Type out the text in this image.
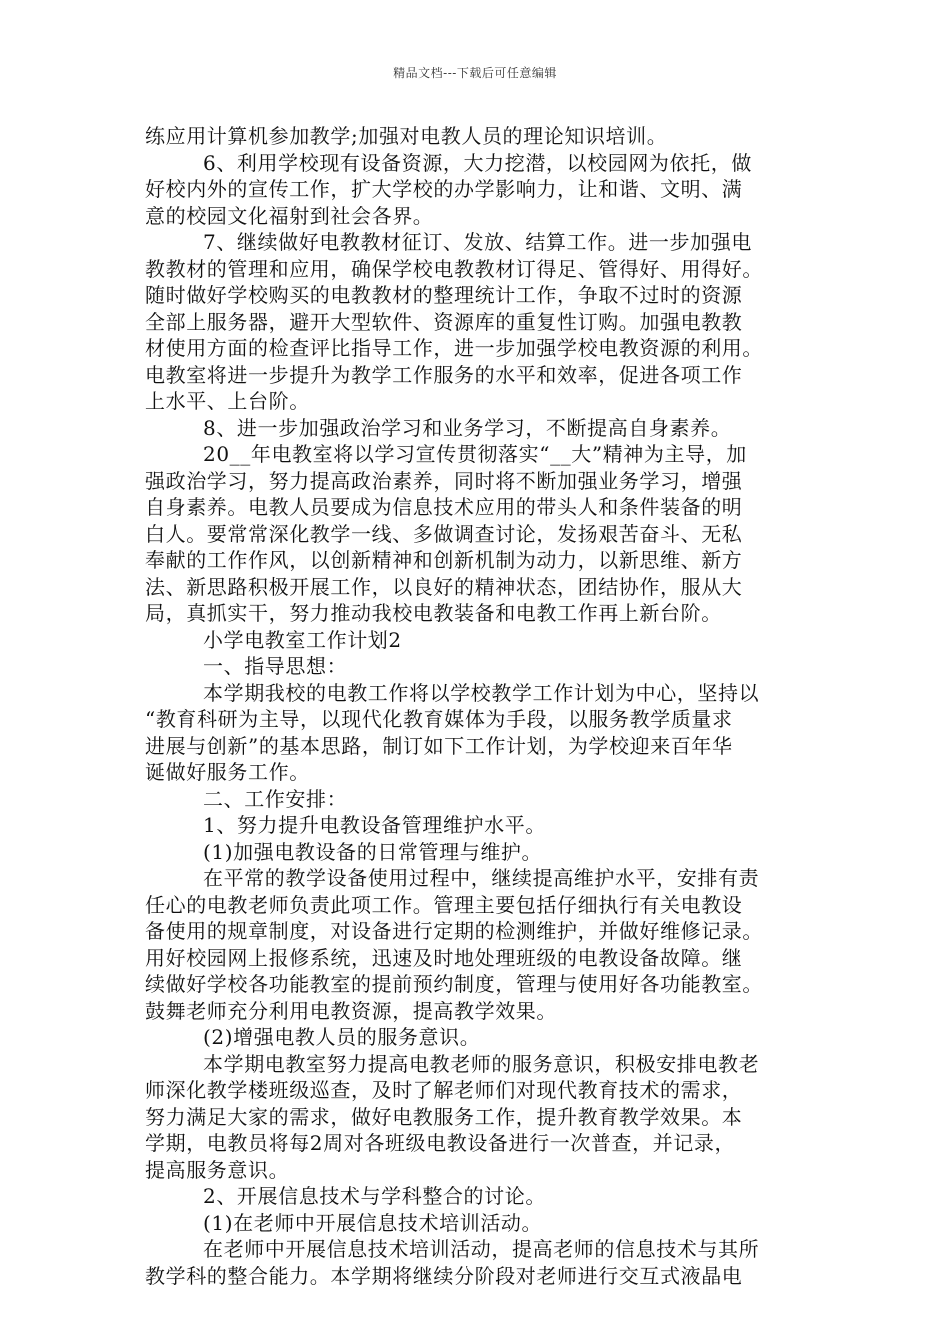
精品文档---下载后可任意编辑
练应用计算机参加教学;加强对电教人员的理论知识培训。
6、利用学校现有设备资源，大力挖潜，以校园网为依托，做
好校内外的宣传工作，扩大学校的办学影响力，让和谐、文明、满
意的校园文化福射到社会各界。
7、继续做好电教教材征订、发放、结算工作。进一步加强电
教教材的管理和应用，确保学校电教教材订得足、管得好、用得好。
随时做好学校购买的电教教材的整理统计工作，争取不过时的资源
全部上服务器，避开大型软件、资源库的重复性订购。加强电教教
材使用方面的检查评比指导工作，进一步加强学校电教资源的利用。
电教室将进一步提升为教学工作服务的水平和效率，促进各项工作
上水平、上台阶。
8、进一步加强政治学习和业务学习，不断提高自身素养。
20__年电教室将以学习宣传贯彻落实“__大”精神为主导，加
强政治学习，努力提高政治素养，同时将不断加强业务学习，增强
自身素养。电教人员要成为信息技术应用的带头人和条件装备的明
白人。要常常深化教学一线、多做调查讨论，发扬艰苦奋斗、无私
奉献的工作作风，以创新精神和创新机制为动力，以新思维、新方
法、新思路积极开展工作，以良好的精神状态，团结协作，服从大
局，真抓实干，努力推动我校电教装备和电教工作再上新台阶。
小学电教室工作计划2
一、指导思想：
本学期我校的电教工作将以学校教学工作计划为中心，坚持以
“教育科研为主导，以现代化教育媒体为手段，以服务教学质量求
进展与创新”的基本思路，制订如下工作计划，为学校迎来百年华
诞做好服务工作。
二、工作安排：
1、努力提升电教设备管理维护水平。
(1)加强电教设备的日常管理与维护。
在平常的教学设备使用过程中，继续提高维护水平，安排有责
任心的电教老师负责此项工作。管理主要包括仔细执行有关电教设
备使用的规章制度，对设备进行定期的检测维护，并做好维修记录。
用好校园网上报修系统，迅速及时地处理班级的电教设备故障。继
续做好学校各功能教室的提前预约制度，管理与使用好各功能教室。
鼓舞老师充分利用电教资源，提高教学效果。
(2)增强电教人员的服务意识。
本学期电教室努力提高电教老师的服务意识，积极安排电教老
师深化教学楼班级巡查，及时了解老师们对现代教育技术的需求，
努力满足大家的需求，做好电教服务工作，提升教育教学效果。本
学期，电教员将每2周对各班级电教设备进行一次普查，并记录，
提高服务意识。
2、开展信息技术与学科整合的讨论。
(1)在老师中开展信息技术培训活动。
在老师中开展信息技术培训活动，提高老师的信息技术与其所
教学科的整合能力。本学期将继续分阶段对老师进行交互式液晶电
